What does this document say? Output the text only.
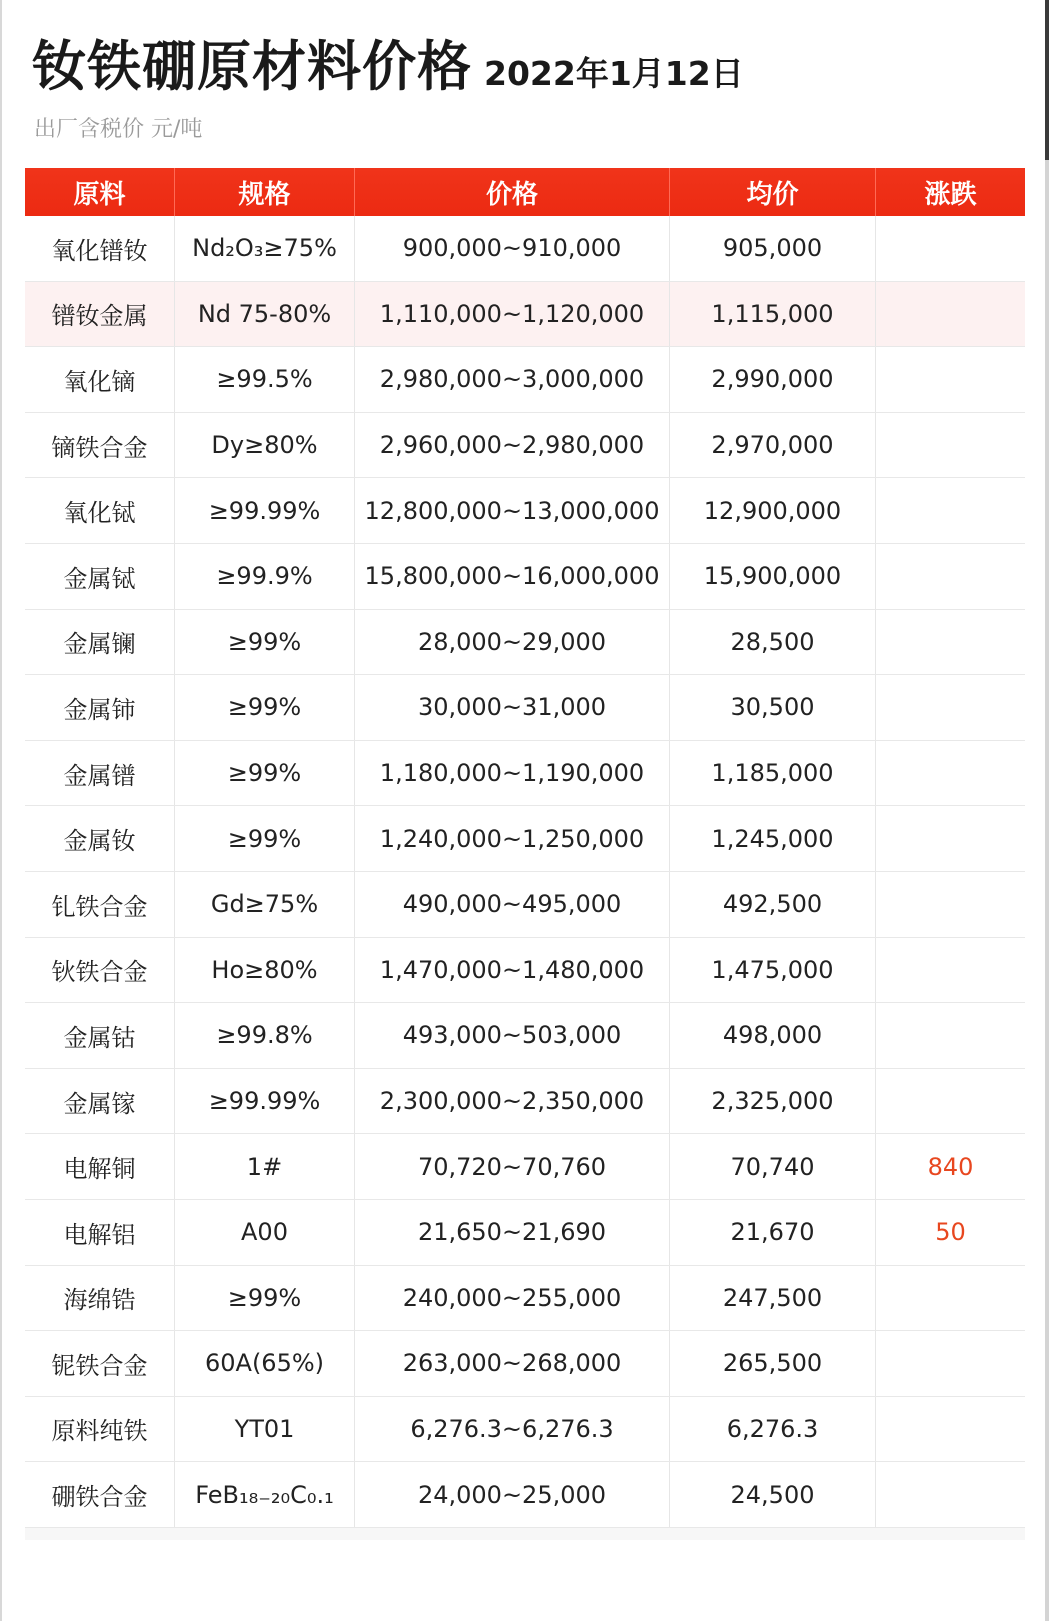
钕铁硼原材料价格 2022年1月12日
出厂含税价 元/吨
原料	规格	价格	均价	涨跌
氧化镨钕	Nd₂O₃≥75%	900,000~910,000	905,000
镨钕金属	Nd 75-80%	1,110,000~1,120,000	1,115,000
氧化镝	≥99.5%	2,980,000~3,000,000	2,990,000
镝铁合金	Dy≥80%	2,960,000~2,980,000	2,970,000
氧化铽	≥99.99%	12,800,000~13,000,000	12,900,000
金属铽	≥99.9%	15,800,000~16,000,000	15,900,000
金属镧	≥99%	28,000~29,000	28,500
金属铈	≥99%	30,000~31,000	30,500
金属镨	≥99%	1,180,000~1,190,000	1,185,000
金属钕	≥99%	1,240,000~1,250,000	1,245,000
钆铁合金	Gd≥75%	490,000~495,000	492,500
钬铁合金	Ho≥80%	1,470,000~1,480,000	1,475,000
金属钴	≥99.8%	493,000~503,000	498,000
金属镓	≥99.99%	2,300,000~2,350,000	2,325,000
电解铜	1#	70,720~70,760	70,740	840
电解铝	A00	21,650~21,690	21,670	50
海绵锆	≥99%	240,000~255,000	247,500
铌铁合金	60A(65%)	263,000~268,000	265,500
原料纯铁	YT01	6,276.3~6,276.3	6,276.3
硼铁合金	FeB₁₈₋₂₀C₀.₁	24,000~25,000	24,500
